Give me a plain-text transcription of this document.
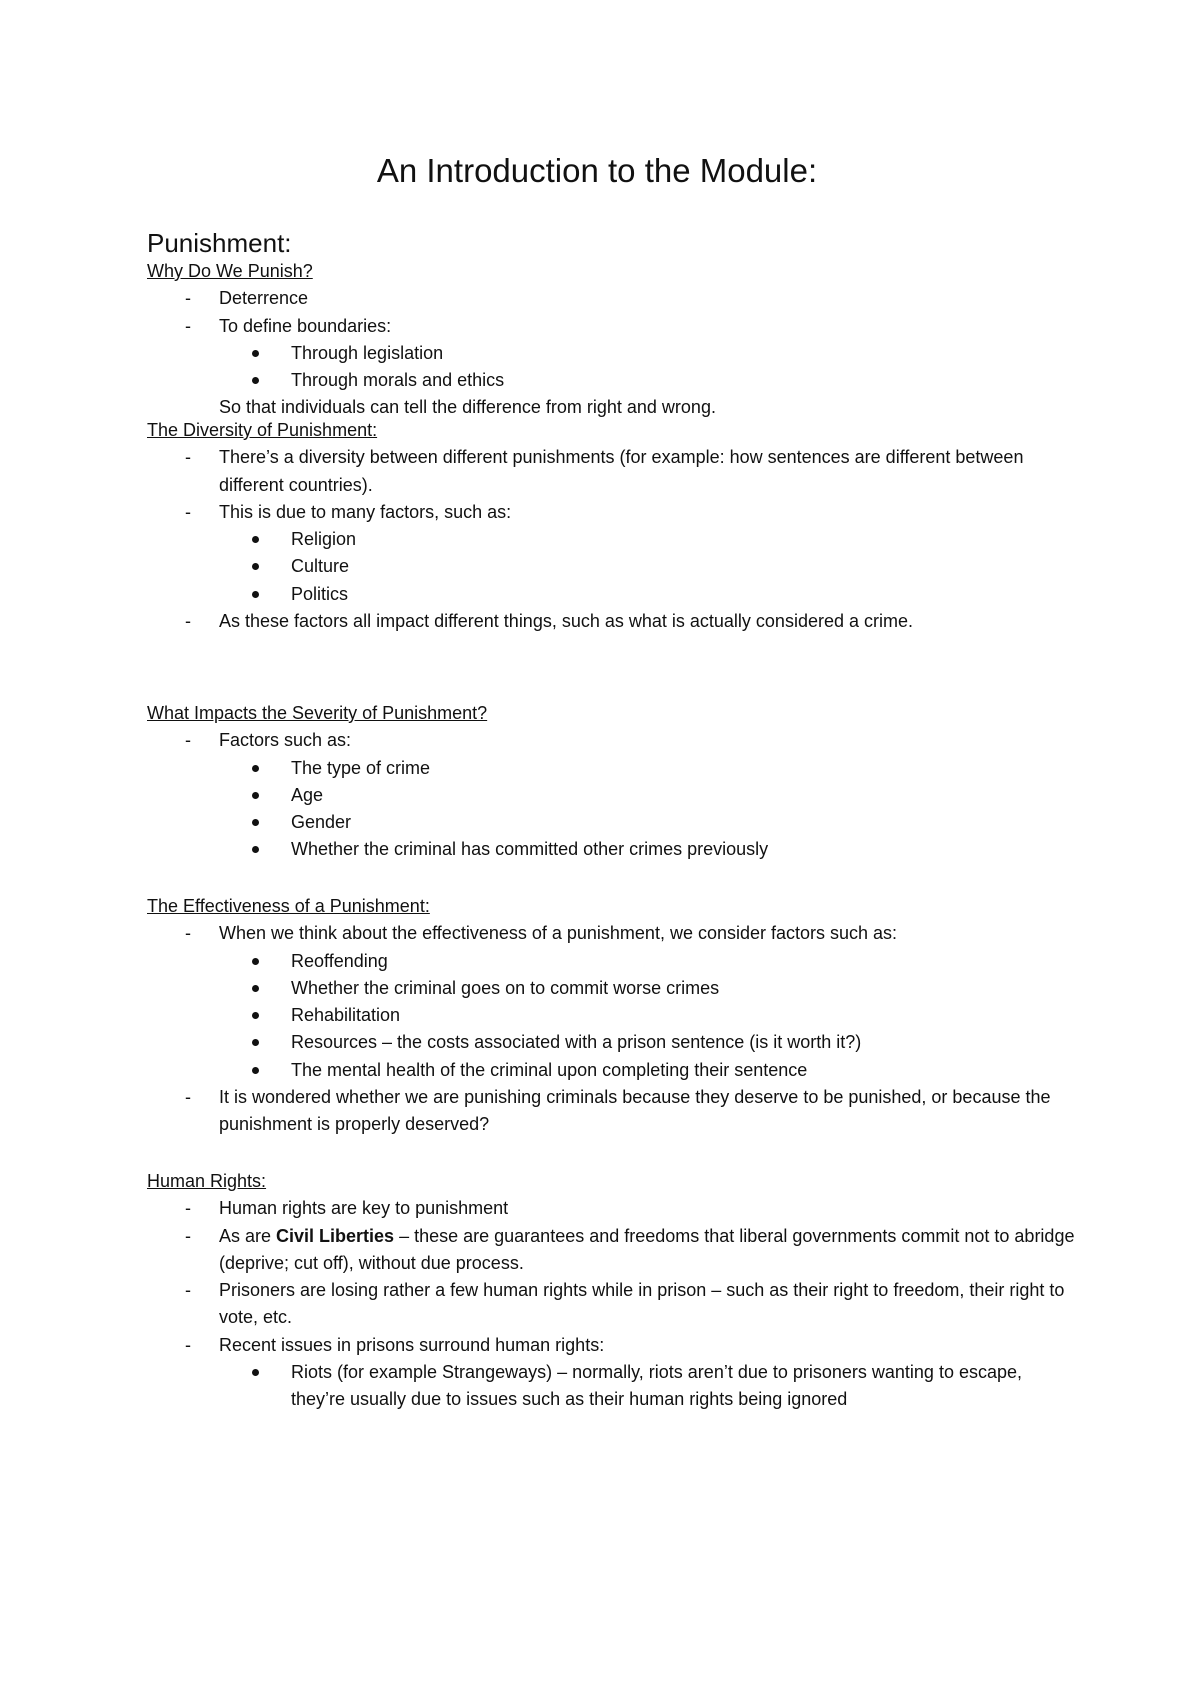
An Introduction to the Module:
Punishment:
Why Do We Punish?
- Deterrence
- To define boundaries:
Through legislation
Through morals and ethics
So that individuals can tell the difference from right and wrong.
The Diversity of Punishment:
- There’s a diversity between different punishments (for example: how sentences are different between different countries).
- This is due to many factors, such as:
Religion
Culture
Politics
- As these factors all impact different things, such as what is actually considered a crime.
What Impacts the Severity of Punishment?
- Factors such as:
The type of crime
Age
Gender
Whether the criminal has committed other crimes previously
The Effectiveness of a Punishment:
- When we think about the effectiveness of a punishment, we consider factors such as:
Reoffending
Whether the criminal goes on to commit worse crimes
Rehabilitation
Resources – the costs associated with a prison sentence (is it worth it?)
The mental health of the criminal upon completing their sentence
- It is wondered whether we are punishing criminals because they deserve to be punished, or because the punishment is properly deserved?
Human Rights:
- Human rights are key to punishment
- As are Civil Liberties – these are guarantees and freedoms that liberal governments commit not to abridge (deprive; cut off), without due process.
- Prisoners are losing rather a few human rights while in prison – such as their right to freedom, their right to vote, etc.
- Recent issues in prisons surround human rights:
Riots (for example Strangeways) – normally, riots aren’t due to prisoners wanting to escape, they’re usually due to issues such as their human rights being ignored
